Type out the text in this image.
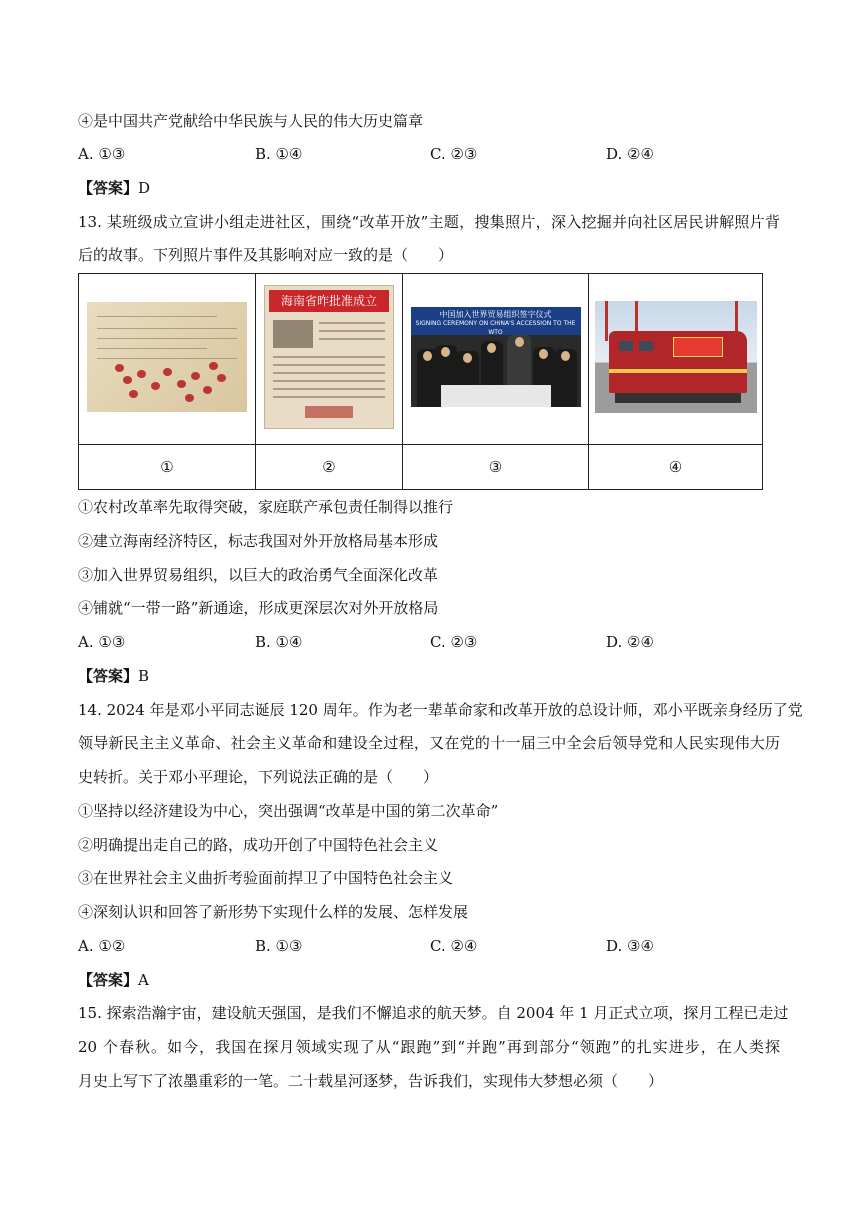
④是中国共产党献给中华民族与人民的伟大历史篇章
A. ①③	B. ①④	C. ②③	D. ②④
【答案】D
13. 某班级成立宣讲小组走进社区，围绕“改革开放”主题，搜集照片，深入挖掘并向社区居民讲解照片背
后的故事。下列照片事件及其影响对应一致的是（　　）

	海南省昨批准成立	中国加入世界贸易组织签字仪式
SIGNING CEREMONY ON CHINA'S ACCESSION TO THE WTO	

①	②	③	④
①农村改革率先取得突破，家庭联产承包责任制得以推行
②建立海南经济特区，标志我国对外开放格局基本形成
③加入世界贸易组织，以巨大的政治勇气全面深化改革
④铺就“一带一路”新通途，形成更深层次对外开放格局
A. ①③	B. ①④	C. ②③	D. ②④
【答案】B
14. 2024 年是邓小平同志诞辰 120 周年。作为老一辈革命家和改革开放的总设计师，邓小平既亲身经历了党
领导新民主主义革命、社会主义革命和建设全过程，又在党的十一届三中全会后领导党和人民实现伟大历
史转折。关于邓小平理论，下列说法正确的是（　　）
①坚持以经济建设为中心，突出强调“改革是中国的第二次革命”
②明确提出走自己的路，成功开创了中国特色社会主义
③在世界社会主义曲折考验面前捍卫了中国特色社会主义
④深刻认识和回答了新形势下实现什么样的发展、怎样发展
A. ①②	B. ①③	C. ②④	D. ③④
【答案】A
15. 探索浩瀚宇宙，建设航天强国，是我们不懈追求的航天梦。自 2004 年 1 月正式立项，探月工程已走过
20 个春秋。如今，我国在探月领域实现了从“跟跑”到“并跑”再到部分“领跑”的扎实进步，在人类探
月史上写下了浓墨重彩的一笔。二十载星河逐梦，告诉我们，实现伟大梦想必须（　　）
